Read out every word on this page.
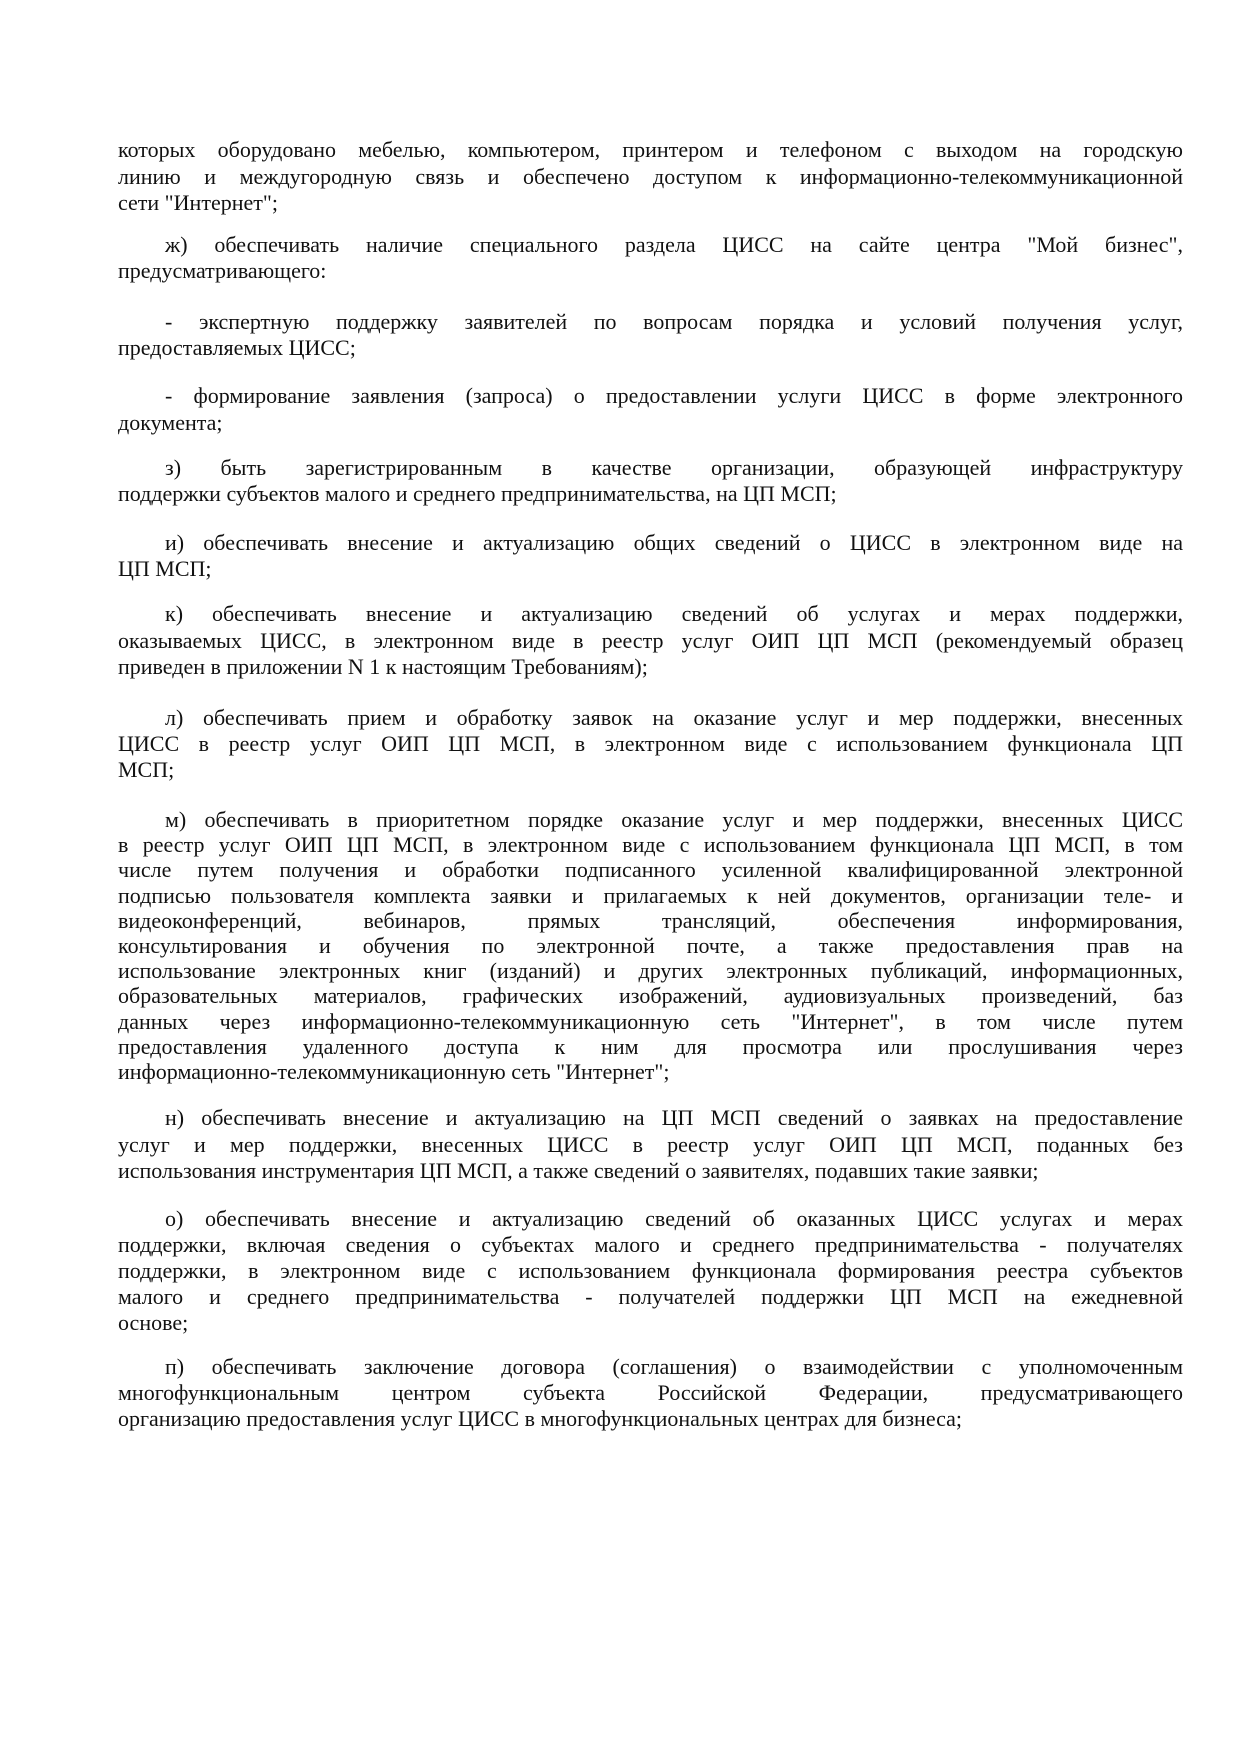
которых оборудовано мебелью, компьютером, принтером и телефоном с выходом на городскую
линию и междугородную связь и обеспечено доступом к информационно-телекоммуникационной
сети "Интернет";
ж) обеспечивать наличие специального раздела ЦИСС на сайте центра "Мой бизнес",
предусматривающего:
- экспертную поддержку заявителей по вопросам порядка и условий получения услуг,
предоставляемых ЦИСС;
- формирование заявления (запроса) о предоставлении услуги ЦИСС в форме электронного
документа;
з) быть зарегистрированным в качестве организации, образующей инфраструктуру
поддержки субъектов малого и среднего предпринимательства, на ЦП МСП;
и) обеспечивать внесение и актуализацию общих сведений о ЦИСС в электронном виде на
ЦП МСП;
к) обеспечивать внесение и актуализацию сведений об услугах и мерах поддержки,
оказываемых ЦИСС, в электронном виде в реестр услуг ОИП ЦП МСП (рекомендуемый образец
приведен в приложении N 1 к настоящим Требованиям);
л) обеспечивать прием и обработку заявок на оказание услуг и мер поддержки, внесенных
ЦИСС в реестр услуг ОИП ЦП МСП, в электронном виде с использованием функционала ЦП
МСП;
м) обеспечивать в приоритетном порядке оказание услуг и мер поддержки, внесенных ЦИСС
в реестр услуг ОИП ЦП МСП, в электронном виде с использованием функционала ЦП МСП, в том
числе путем получения и обработки подписанного усиленной квалифицированной электронной
подписью пользователя комплекта заявки и прилагаемых к ней документов, организации теле- и
видеоконференций, вебинаров, прямых трансляций, обеспечения информирования,
консультирования и обучения по электронной почте, а также предоставления прав на
использование электронных книг (изданий) и других электронных публикаций, информационных,
образовательных материалов, графических изображений, аудиовизуальных произведений, баз
данных через информационно-телекоммуникационную сеть "Интернет", в том числе путем
предоставления удаленного доступа к ним для просмотра или прослушивания через
информационно-телекоммуникационную сеть "Интернет";
н) обеспечивать внесение и актуализацию на ЦП МСП сведений о заявках на предоставление
услуг и мер поддержки, внесенных ЦИСС в реестр услуг ОИП ЦП МСП, поданных без
использования инструментария ЦП МСП, а также сведений о заявителях, подавших такие заявки;
о) обеспечивать внесение и актуализацию сведений об оказанных ЦИСС услугах и мерах
поддержки, включая сведения о субъектах малого и среднего предпринимательства - получателях
поддержки, в электронном виде с использованием функционала формирования реестра субъектов
малого и среднего предпринимательства - получателей поддержки ЦП МСП на ежедневной
основе;
п) обеспечивать заключение договора (соглашения) о взаимодействии с уполномоченным
многофункциональным центром субъекта Российской Федерации, предусматривающего
организацию предоставления услуг ЦИСС в многофункциональных центрах для бизнеса;
